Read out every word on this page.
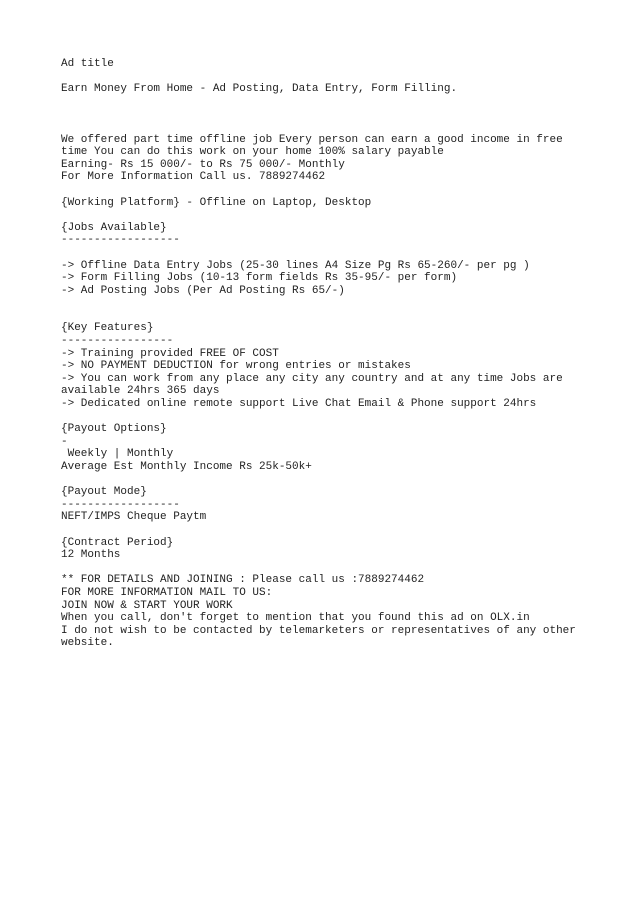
Ad title

Earn Money From Home - Ad Posting, Data Entry, Form Filling.

We offered part time offline job Every person can earn a good income in free

time You can do this work on your home 100% salary payable

Earning- Rs 15 000/- to Rs 75 000/- Monthly

For More Information Call us. 7889274462

{Working Platform} - Offline on Laptop, Desktop

{Jobs Available}

------------------

-> Offline Data Entry Jobs (25-30 lines A4 Size Pg Rs 65-260/- per pg )

-> Form Filling Jobs (10-13 form fields Rs 35-95/- per form)

-> Ad Posting Jobs (Per Ad Posting Rs 65/-)

{Key Features}

-----------------

-> Training provided FREE OF COST

-> NO PAYMENT DEDUCTION for wrong entries or mistakes

-> You can work from any place any city any country and at any time Jobs are

available 24hrs 365 days

-> Dedicated online remote support Live Chat Email & Phone support 24hrs

{Payout Options}

-

Weekly | Monthly

Average Est Monthly Income Rs 25k-50k+

{Payout Mode}

------------------

NEFT/IMPS Cheque Paytm

{Contract Period}

12 Months

** FOR DETAILS AND JOINING : Please call us :7889274462

FOR MORE INFORMATION MAIL TO US:

JOIN NOW & START YOUR WORK

When you call, don't forget to mention that you found this ad on OLX.in

I do not wish to be contacted by telemarketers or representatives of any other

website.
